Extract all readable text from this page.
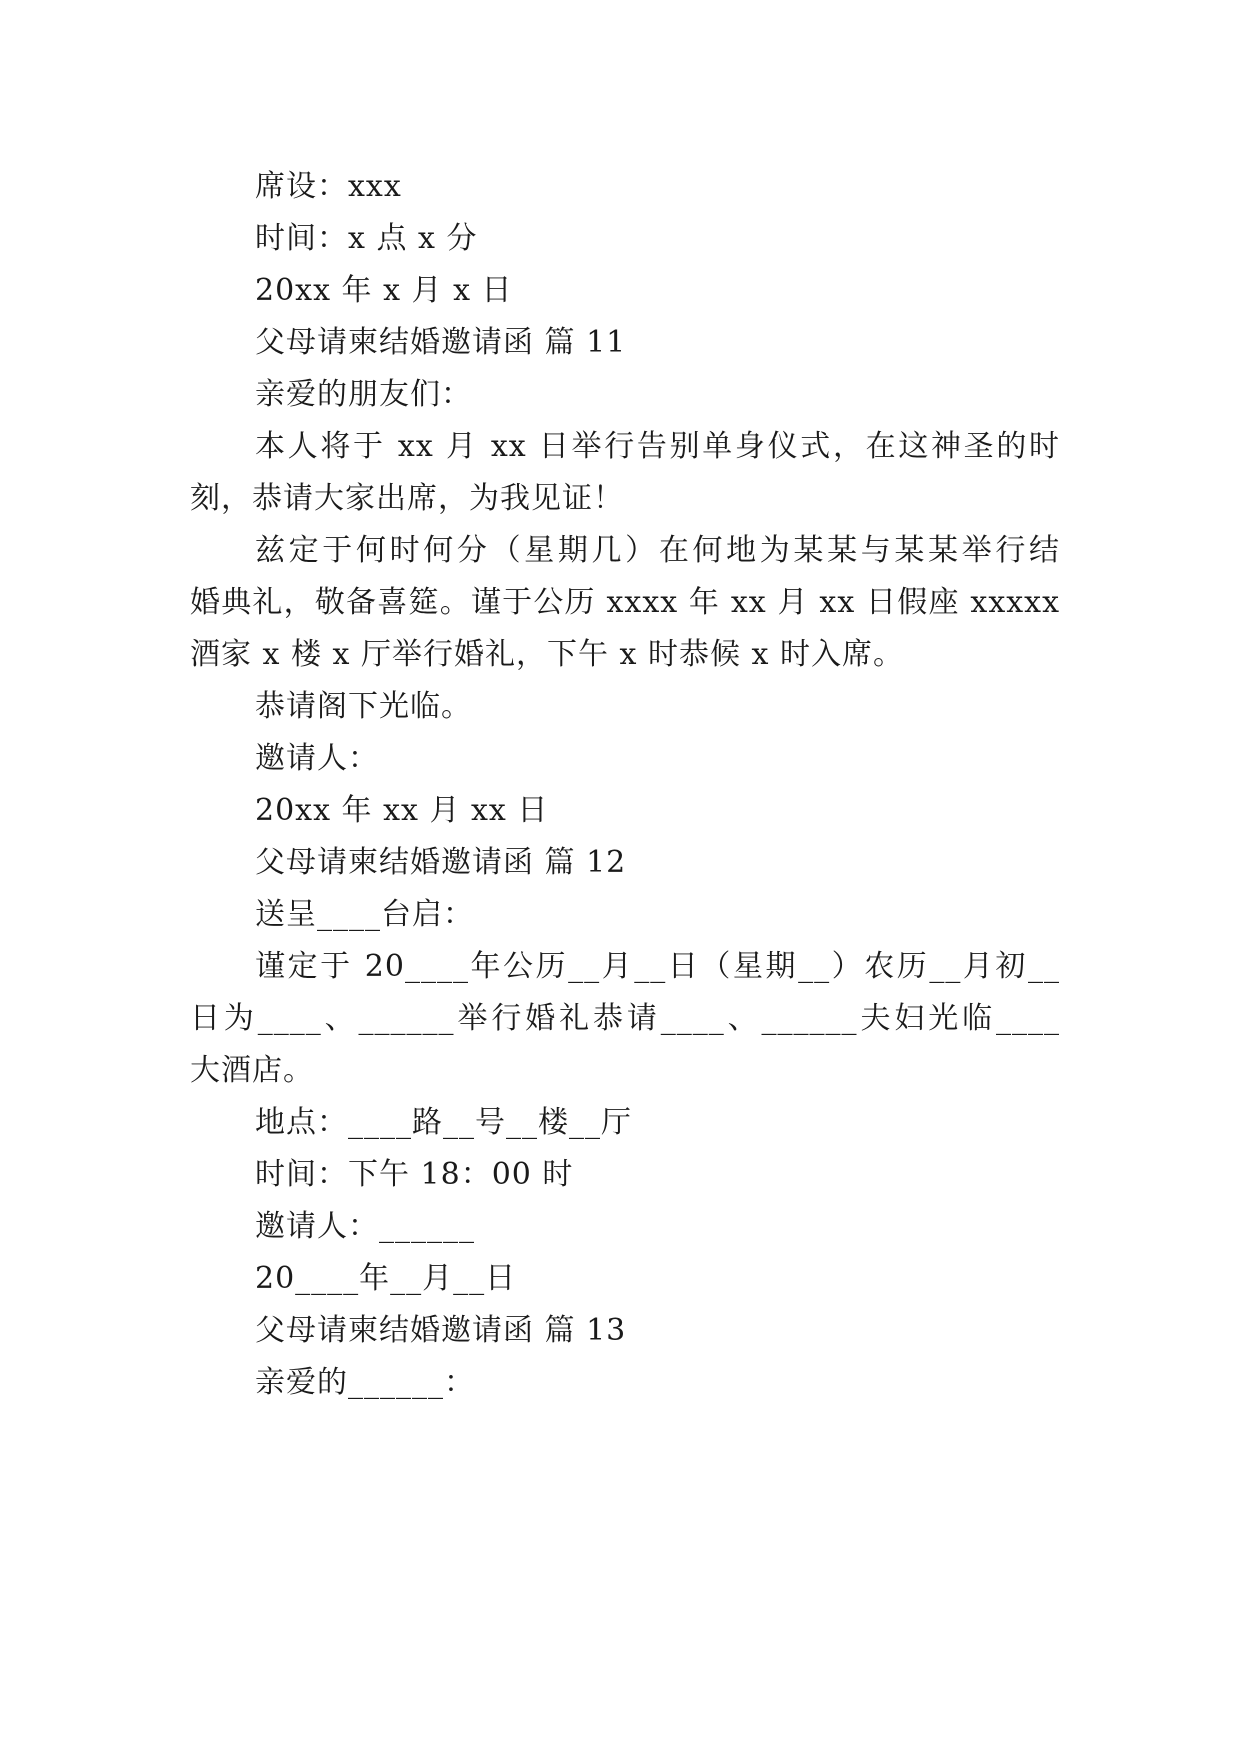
席设：xxx
时间：x 点 x 分
20xx 年 x 月 x 日
父母请柬结婚邀请函 篇 11
亲爱的朋友们：
本人将于 xx 月 xx 日举行告别单身仪式，在这神圣的时
刻，恭请大家出席，为我见证！
兹定于何时何分（星期几）在何地为某某与某某举行结
婚典礼，敬备喜筵。谨于公历 xxxx 年 xx 月 xx 日假座 xxxxx
酒家 x 楼 x 厅举行婚礼，下午 x 时恭候 x 时入席。
恭请阁下光临。
邀请人：
20xx 年 xx 月 xx 日
父母请柬结婚邀请函 篇 12
送呈____台启：
谨定于 20____年公历__月__日（星期__）农历__月初__
日为____、______举行婚礼恭请____、______夫妇光临____
大酒店。
地点：____路__号__楼__厅
时间：下午 18：00 时
邀请人：______
20____年__月__日
父母请柬结婚邀请函 篇 13
亲爱的______：
